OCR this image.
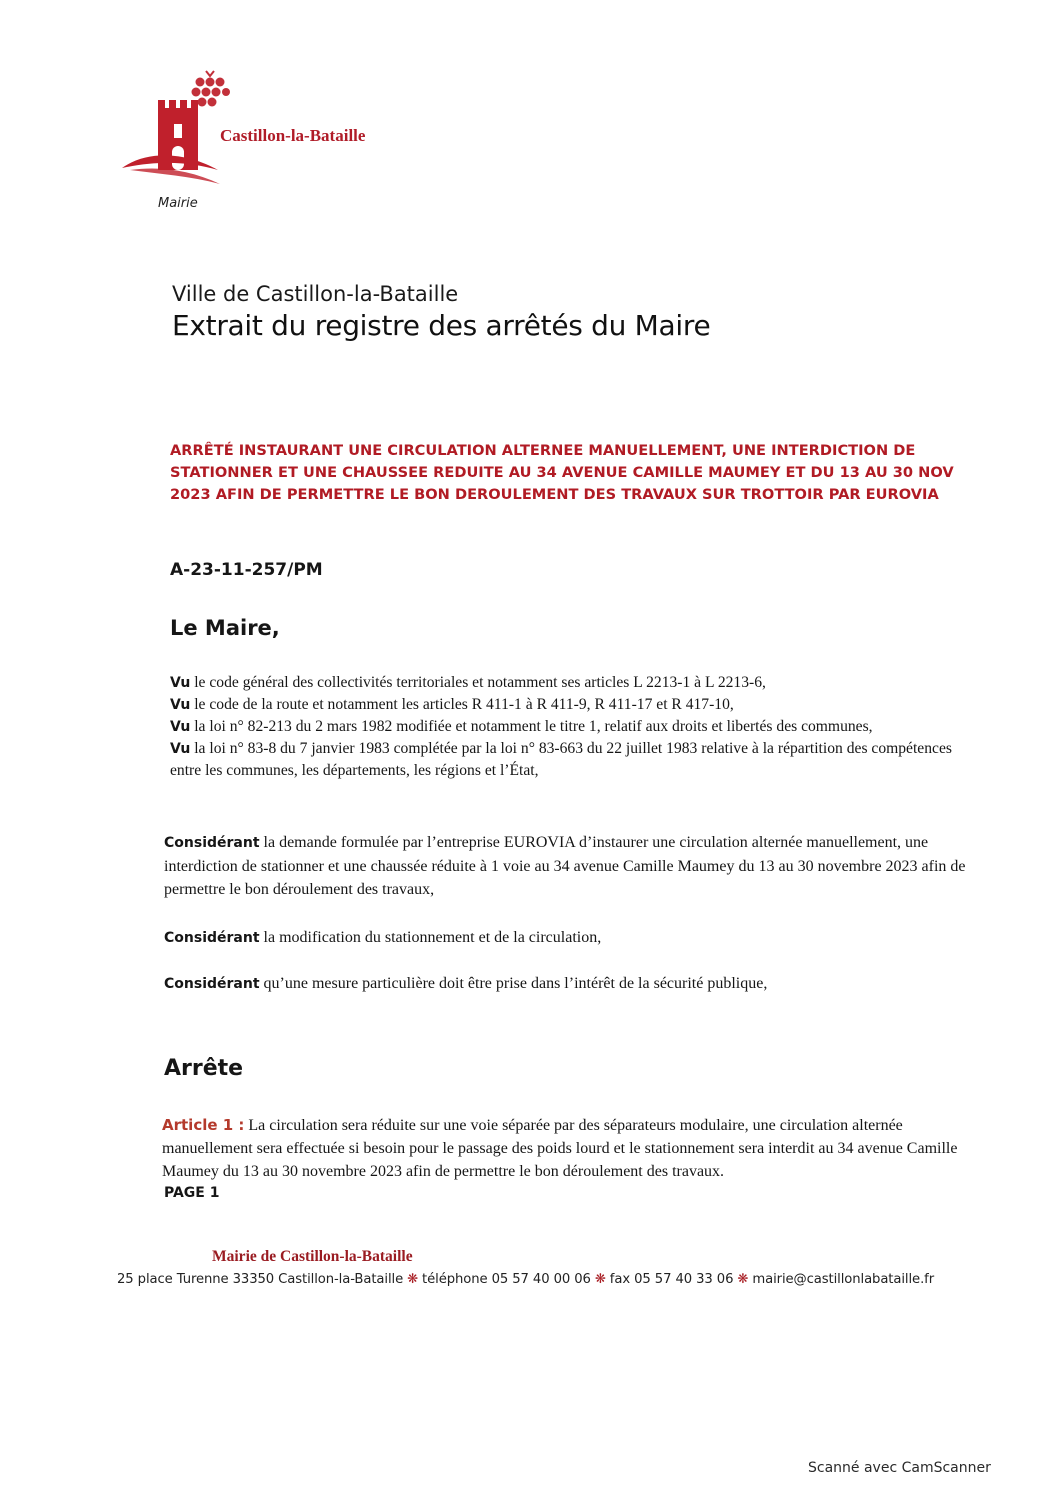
Castillon-la-Bataille
Mairie
Ville de Castillon-la-Bataille
Extrait du registre des arrêtés du Maire
ARRÊTÉ INSTAURANT UNE CIRCULATION ALTERNEE MANUELLEMENT, UNE INTERDICTION DE STATIONNER ET UNE CHAUSSEE REDUITE AU 34 AVENUE CAMILLE MAUMEY ET DU 13 AU 30 NOV 2023 AFIN DE PERMETTRE LE BON DEROULEMENT DES TRAVAUX SUR TROTTOIR PAR EUROVIA
A-23-11-257/PM
Le Maire,
Vu le code général des collectivités territoriales et notamment ses articles L 2213-1 à L 2213-6,
Vu le code de la route et notamment les articles R 411-1 à R 411-9, R 411-17 et R 417-10,
Vu la loi n° 82-213 du 2 mars 1982 modifiée et notamment le titre 1, relatif aux droits et libertés des communes,
Vu la loi n° 83-8 du 7 janvier 1983 complétée par la loi n° 83-663 du 22 juillet 1983 relative à la répartition des compétences entre les communes, les départements, les régions et l’État,
Considérant la demande formulée par l’entreprise EUROVIA d’instaurer une circulation alternée manuellement, une interdiction de stationner et une chaussée réduite à 1 voie au 34 avenue Camille Maumey du 13 au 30 novembre 2023 afin de permettre le bon déroulement des travaux,
Considérant la modification du stationnement et de la circulation,
Considérant qu’une mesure particulière doit être prise dans l’intérêt de la sécurité publique,
Arrête
Article 1 : La circulation sera réduite sur une voie séparée par des séparateurs modulaire, une circulation alternée manuellement sera effectuée si besoin pour le passage des poids lourd et le stationnement sera interdit au 34 avenue Camille Maumey du 13 au 30 novembre 2023 afin de permettre le bon déroulement des travaux.
PAGE 1
Mairie de Castillon-la-Bataille
25 place Turenne 33350 Castillon-la-Bataille ❋ téléphone 05 57 40 00 06 ❋ fax 05 57 40 33 06 ❋ mairie@castillonlabataille.fr
Scanné avec CamScanner
